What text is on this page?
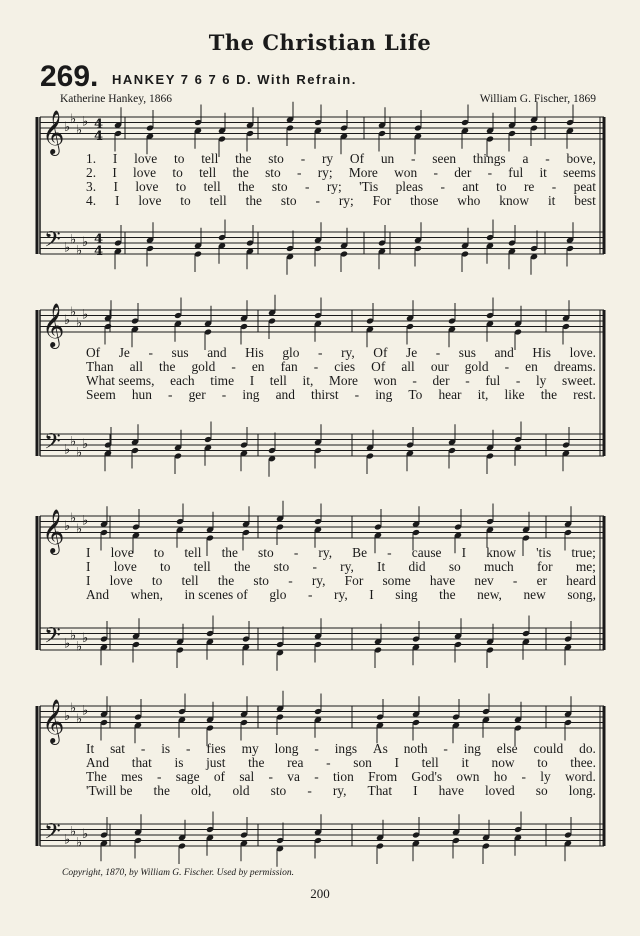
The Christian Life
269. HANKEY 7 6 7 6 D. With Refrain.
Katherine Hankey, 1866	William G. Fischer, 1869
𝄞
𝄢
♭
♭
♭
♭
♭
♭
♭
♭
4
4
4
4
𝄞
𝄢
♭
♭
♭
♭
♭
♭
♭
♭
𝄞
𝄢
♭
♭
♭
♭
♭
♭
♭
♭
𝄞
𝄢
♭
♭
♭
♭
♭
♭
♭
♭
1. I love to tell the sto - ry Of un - seen things a - bove,
2. I love to tell the sto - ry; More won - der - ful it seems
3. I love to tell the sto - ry; 'Tis pleas - ant to re - peat
4. I love to tell the sto - ry; For those who know it best
Of Je - sus and His glo - ry, Of Je - sus and His love.
Than all the gold - en fan - cies Of all our gold - en dreams.
What seems, each time I tell it, More won - der - ful - ly sweet.
Seem hun - ger - ing and thirst - ing To hear it, like the rest.
I love to tell the sto - ry, Be - cause I know 'tis true;
I love to tell the sto - ry, It did so much for me;
I love to tell the sto - ry, For some have nev - er heard
And when, in scenes of glo - ry, I sing the new, new song,
It sat - is - fies my long - ings As noth - ing else could do.
And that is just the rea - son I tell it now to thee.
The mes - sage of sal - va - tion From God's own ho - ly word.
'Twill be the old, old sto - ry, That I have loved so long.
Copyright, 1870, by William G. Fischer. Used by permission.
200
